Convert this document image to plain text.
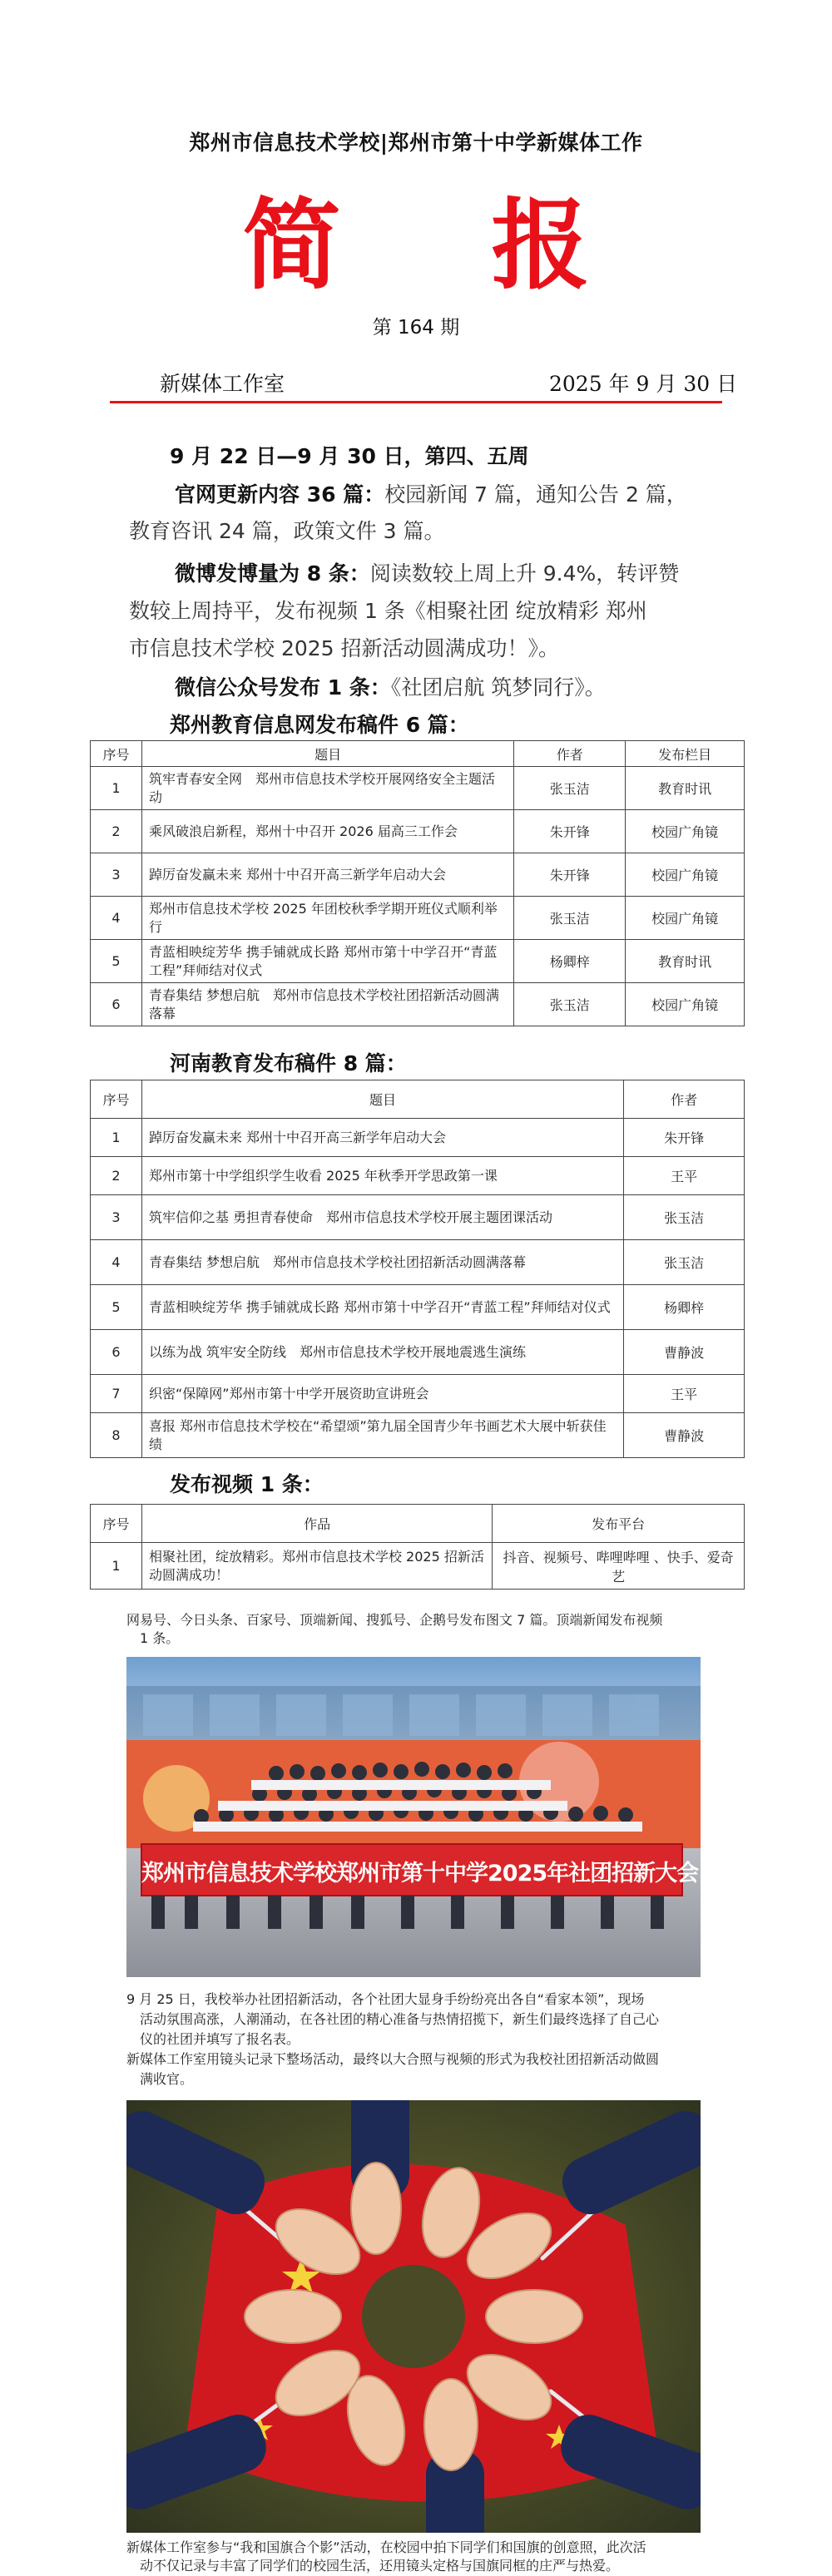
郑州市信息技术学校|郑州市第十中学新媒体工作
简 报
第 164 期
新媒体工作室	2025 年 9 月 30 日
9 月 22 日—9 月 30 日，第四、五周
官网更新内容 36 篇：校园新闻 7 篇，通知公告 2 篇，
教育咨讯 24 篇，政策文件 3 篇。
微博发博量为 8 条：阅读数较上周上升 9.4%，转评赞
数较上周持平，发布视频 1 条《相聚社团 绽放精彩 郑州
市信息技术学校 2025 招新活动圆满成功！》。
微信公众号发布 1 条：《社团启航 筑梦同行》。
郑州教育信息网发布稿件 6 篇：
序号	题目	作者	发布栏目
1	筑牢青春安全网　郑州市信息技术学校开展网络安全主题活动	张玉洁	教育时讯
2	乘风破浪启新程，郑州十中召开 2026 届高三工作会	朱开锋	校园广角镜
3	踔厉奋发赢未来 郑州十中召开高三新学年启动大会	朱开锋	校园广角镜
4	郑州市信息技术学校 2025 年团校秋季学期开班仪式顺利举行	张玉洁	校园广角镜
5	青蓝相映绽芳华 携手铺就成长路 郑州市第十中学召开“青蓝工程”拜师结对仪式	杨卿梓	教育时讯
6	青春集结 梦想启航　郑州市信息技术学校社团招新活动圆满落幕	张玉洁	校园广角镜
河南教育发布稿件 8 篇：
序号	题目	作者
1	踔厉奋发赢未来 郑州十中召开高三新学年启动大会	朱开锋
2	郑州市第十中学组织学生收看 2025 年秋季开学思政第一课	王平
3	筑牢信仰之基 勇担青春使命　郑州市信息技术学校开展主题团课活动	张玉洁
4	青春集结 梦想启航　郑州市信息技术学校社团招新活动圆满落幕	张玉洁
5	青蓝相映绽芳华 携手铺就成长路 郑州市第十中学召开“青蓝工程”拜师结对仪式	杨卿梓
6	以练为战 筑牢安全防线　郑州市信息技术学校开展地震逃生演练	曹静波
7	织密“保障网”郑州市第十中学开展资助宣讲班会	王平
8	喜报 郑州市信息技术学校在“希望颂”第九届全国青少年书画艺术大展中斩获佳绩	曹静波
发布视频 1 条：
序号	作品	发布平台
1	相聚社团，绽放精彩。郑州市信息技术学校 2025 招新活动圆满成功！	抖音、视频号、哔哩哔哩 、快手、爱奇艺
网易号、今日头条、百家号、顶端新闻、搜狐号、企鹅号发布图文 7 篇。顶端新闻发布视频
1 条。
郑州市信息技术学校郑州市第十中学2025年社团招新大会
9 月 25 日，我校举办社团招新活动，各个社团大显身手纷纷亮出各自“看家本领”，现场
活动氛围高涨，人潮涌动，在各社团的精心准备与热情招揽下，新生们最终选择了自己心
仪的社团并填写了报名表。
新媒体工作室用镜头记录下整场活动，最终以大合照与视频的形式为我校社团招新活动做圆
满收官。
新媒体工作室参与“我和国旗合个影”活动，在校园中拍下同学们和国旗的创意照，此次活
动不仅记录与丰富了同学们的校园生活，还用镜头定格与国旗同框的庄严与热爱。
